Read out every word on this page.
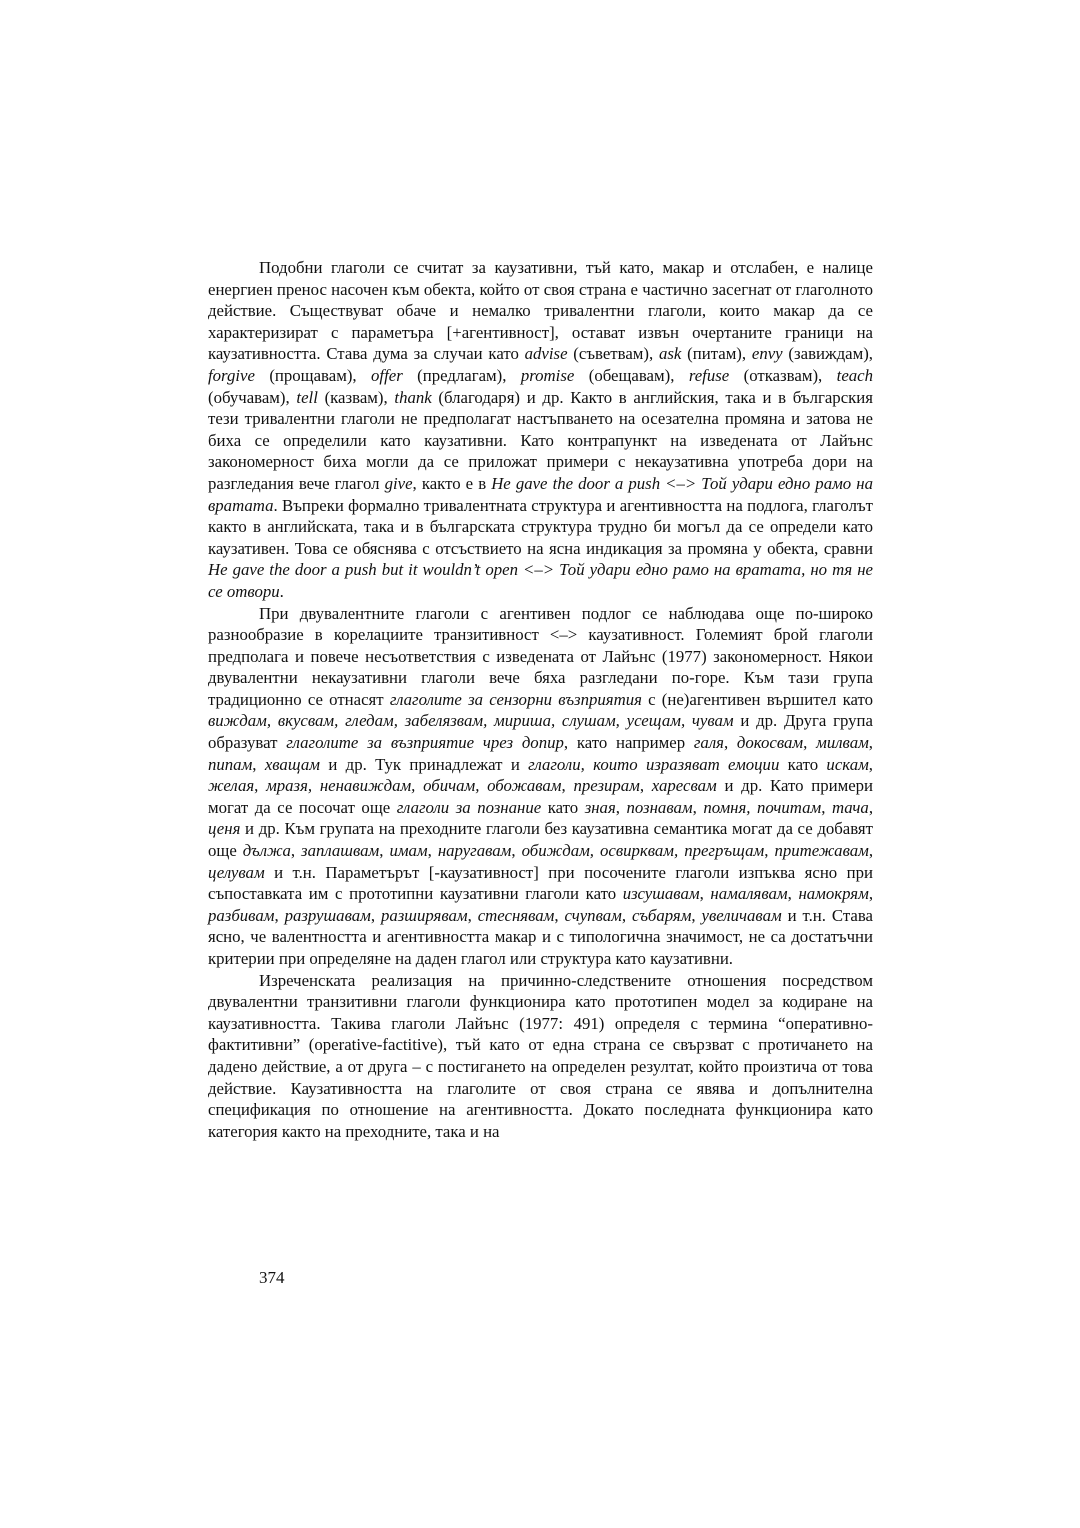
Подобни глаголи се считат за каузативни, тъй като, макар и отслабен, е налице енергиен пренос насочен към обекта, който от своя страна е частично засегнат от глаголното действие. Съществуват обаче и немалко тривалентни глаголи, които макар да се характеризират с параметъра [+агентивност], остават извън очертаните граници на каузативността. Става дума за случаи като advise (съветвам), ask (питам), envy (завиждам), forgive (прощавам), offer (предлагам), promise (обещавам), refuse (отказвам), teach (обучавам), tell (казвам), thank (благодаря) и др. Както в английския, така и в българския тези тривалентни глаголи не предполагат настъпването на осезателна промяна и затова не биха се определили като каузативни. Като контрапункт на изведената от Лайънс закономерност биха могли да се приложат примери с некаузативна употреба дори на разгледания вече глагол give, както е в He gave the door a push <–> Той удари едно рамо на вратата. Въпреки формално тривалентната структура и агентивността на подлога, глаголът както в английската, така и в българската структура трудно би могъл да се определи като каузативен. Това се обяснява с отсъствието на ясна индикация за промяна у обекта, сравни He gave the door a push but it wouldn’t open <–> Той удари едно рамо на вратата, но тя не се отвори.

При двувалентните глаголи с агентивен подлог се наблюдава още по-широко разнообразие в корелациите транзитивност <–> каузативност. Големият брой глаголи предполага и повече несъответствия с изведената от Лайънс (1977) закономерност. Някои двувалентни некаузативни глаголи вече бяха разгледани по-горе. Към тази група традиционно се отнасят глаголите за сензорни възприятия с (не)агентивен вършител като виждам, вкусвам, гледам, забелязвам, мириша, слушам, усещам, чувам и др. Друга група образуват глаголите за възприятие чрез допир, като например галя, докосвам, милвам, пипам, хващам и др. Тук принадлежат и глаголи, които изразяват емоции като искам, желая, мразя, ненавиждам, обичам, обожавам, презирам, харесвам и др. Като примери могат да се посочат още глаголи за познание като зная, познавам, помня, почитам, тача, ценя и др. Към групата на преходните глаголи без каузативна семантика могат да се добавят още дължа, заплашвам, имам, наругавам, обиждам, освирквам, прегръщам, притежавам, целувам и т.н. Параметърът [-каузативност] при посочените глаголи изпъква ясно при съпоставката им с прототипни каузативни глаголи като изсушавам, намалявам, намокрям, разбивам, разрушавам, разширявам, стеснявам, счупвам, събарям, увеличавам и т.н. Става ясно, че валентността и агентивността макар и с типологична значимост, не са достатъчни критерии при определяне на даден глагол или структура като каузативни.

Изреченската реализация на причинно-следствените отношения посредством двувалентни транзитивни глаголи функционира като прототипен модел за кодиране на каузативността. Такива глаголи Лайънс (1977: 491) определя с термина “оперативно-фактитивни” (operative-factitive), тъй като от една страна се свързват с протичането на дадено действие, а от друга – с постигането на определен резултат, който произтича от това действие. Каузативността на глаголите от своя страна се явява и допълнителна спецификация по отношение на агентивността. Докато последната функционира като категория както на преходните, така и на

374
